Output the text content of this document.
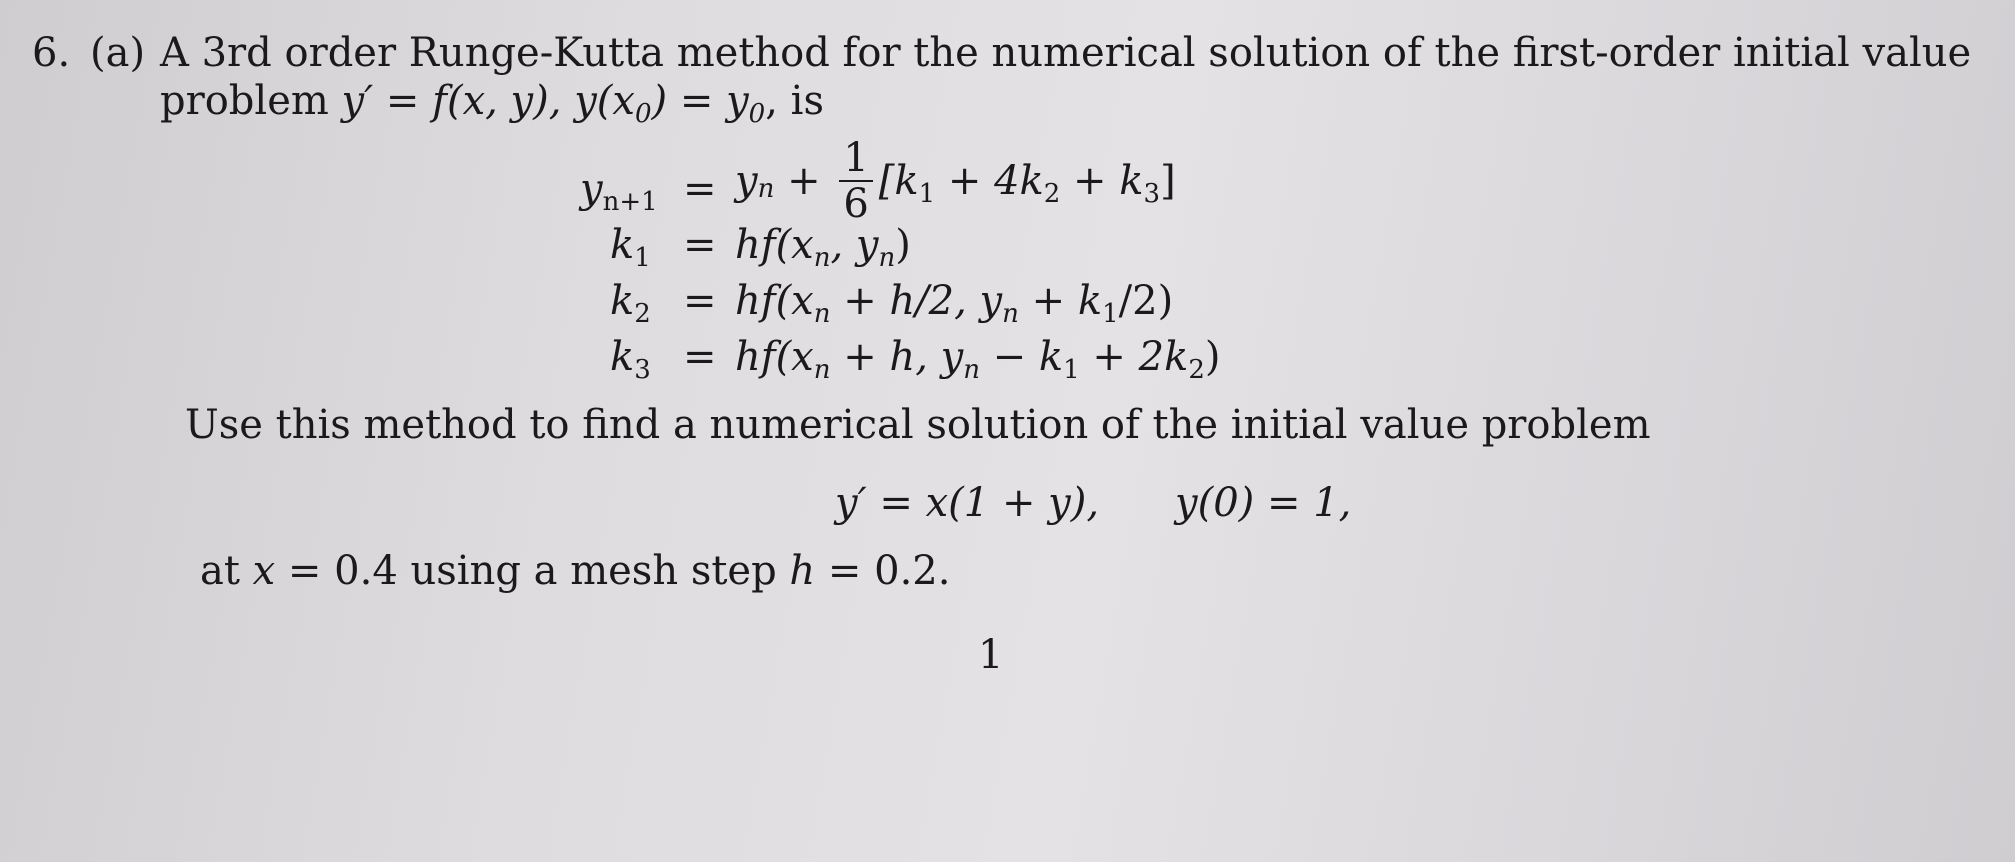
6. (a) A 3rd order Runge-Kutta method for the numerical solution of the first-order initial value
problem y′ = f(x, y), $y(x_0) = y_0$, is
$y_{n+1} = y_n + \frac{1}{6} [k_1 + 4k_2 + k_3]$
$k_1 = hf(x_n$, $y_n$)
$k_2 = hf(x_n + h/2$, $y_n + k_1/2$)
$k_3 = hf(x_n + h$, $y_n - k_1 + 2k_2$)
Use this method to find a numerical solution of the initial value problem
y′ = x(1 + y), y(0) = 1,
at x = 0.4 using a mesh step h = 0.2.
1
